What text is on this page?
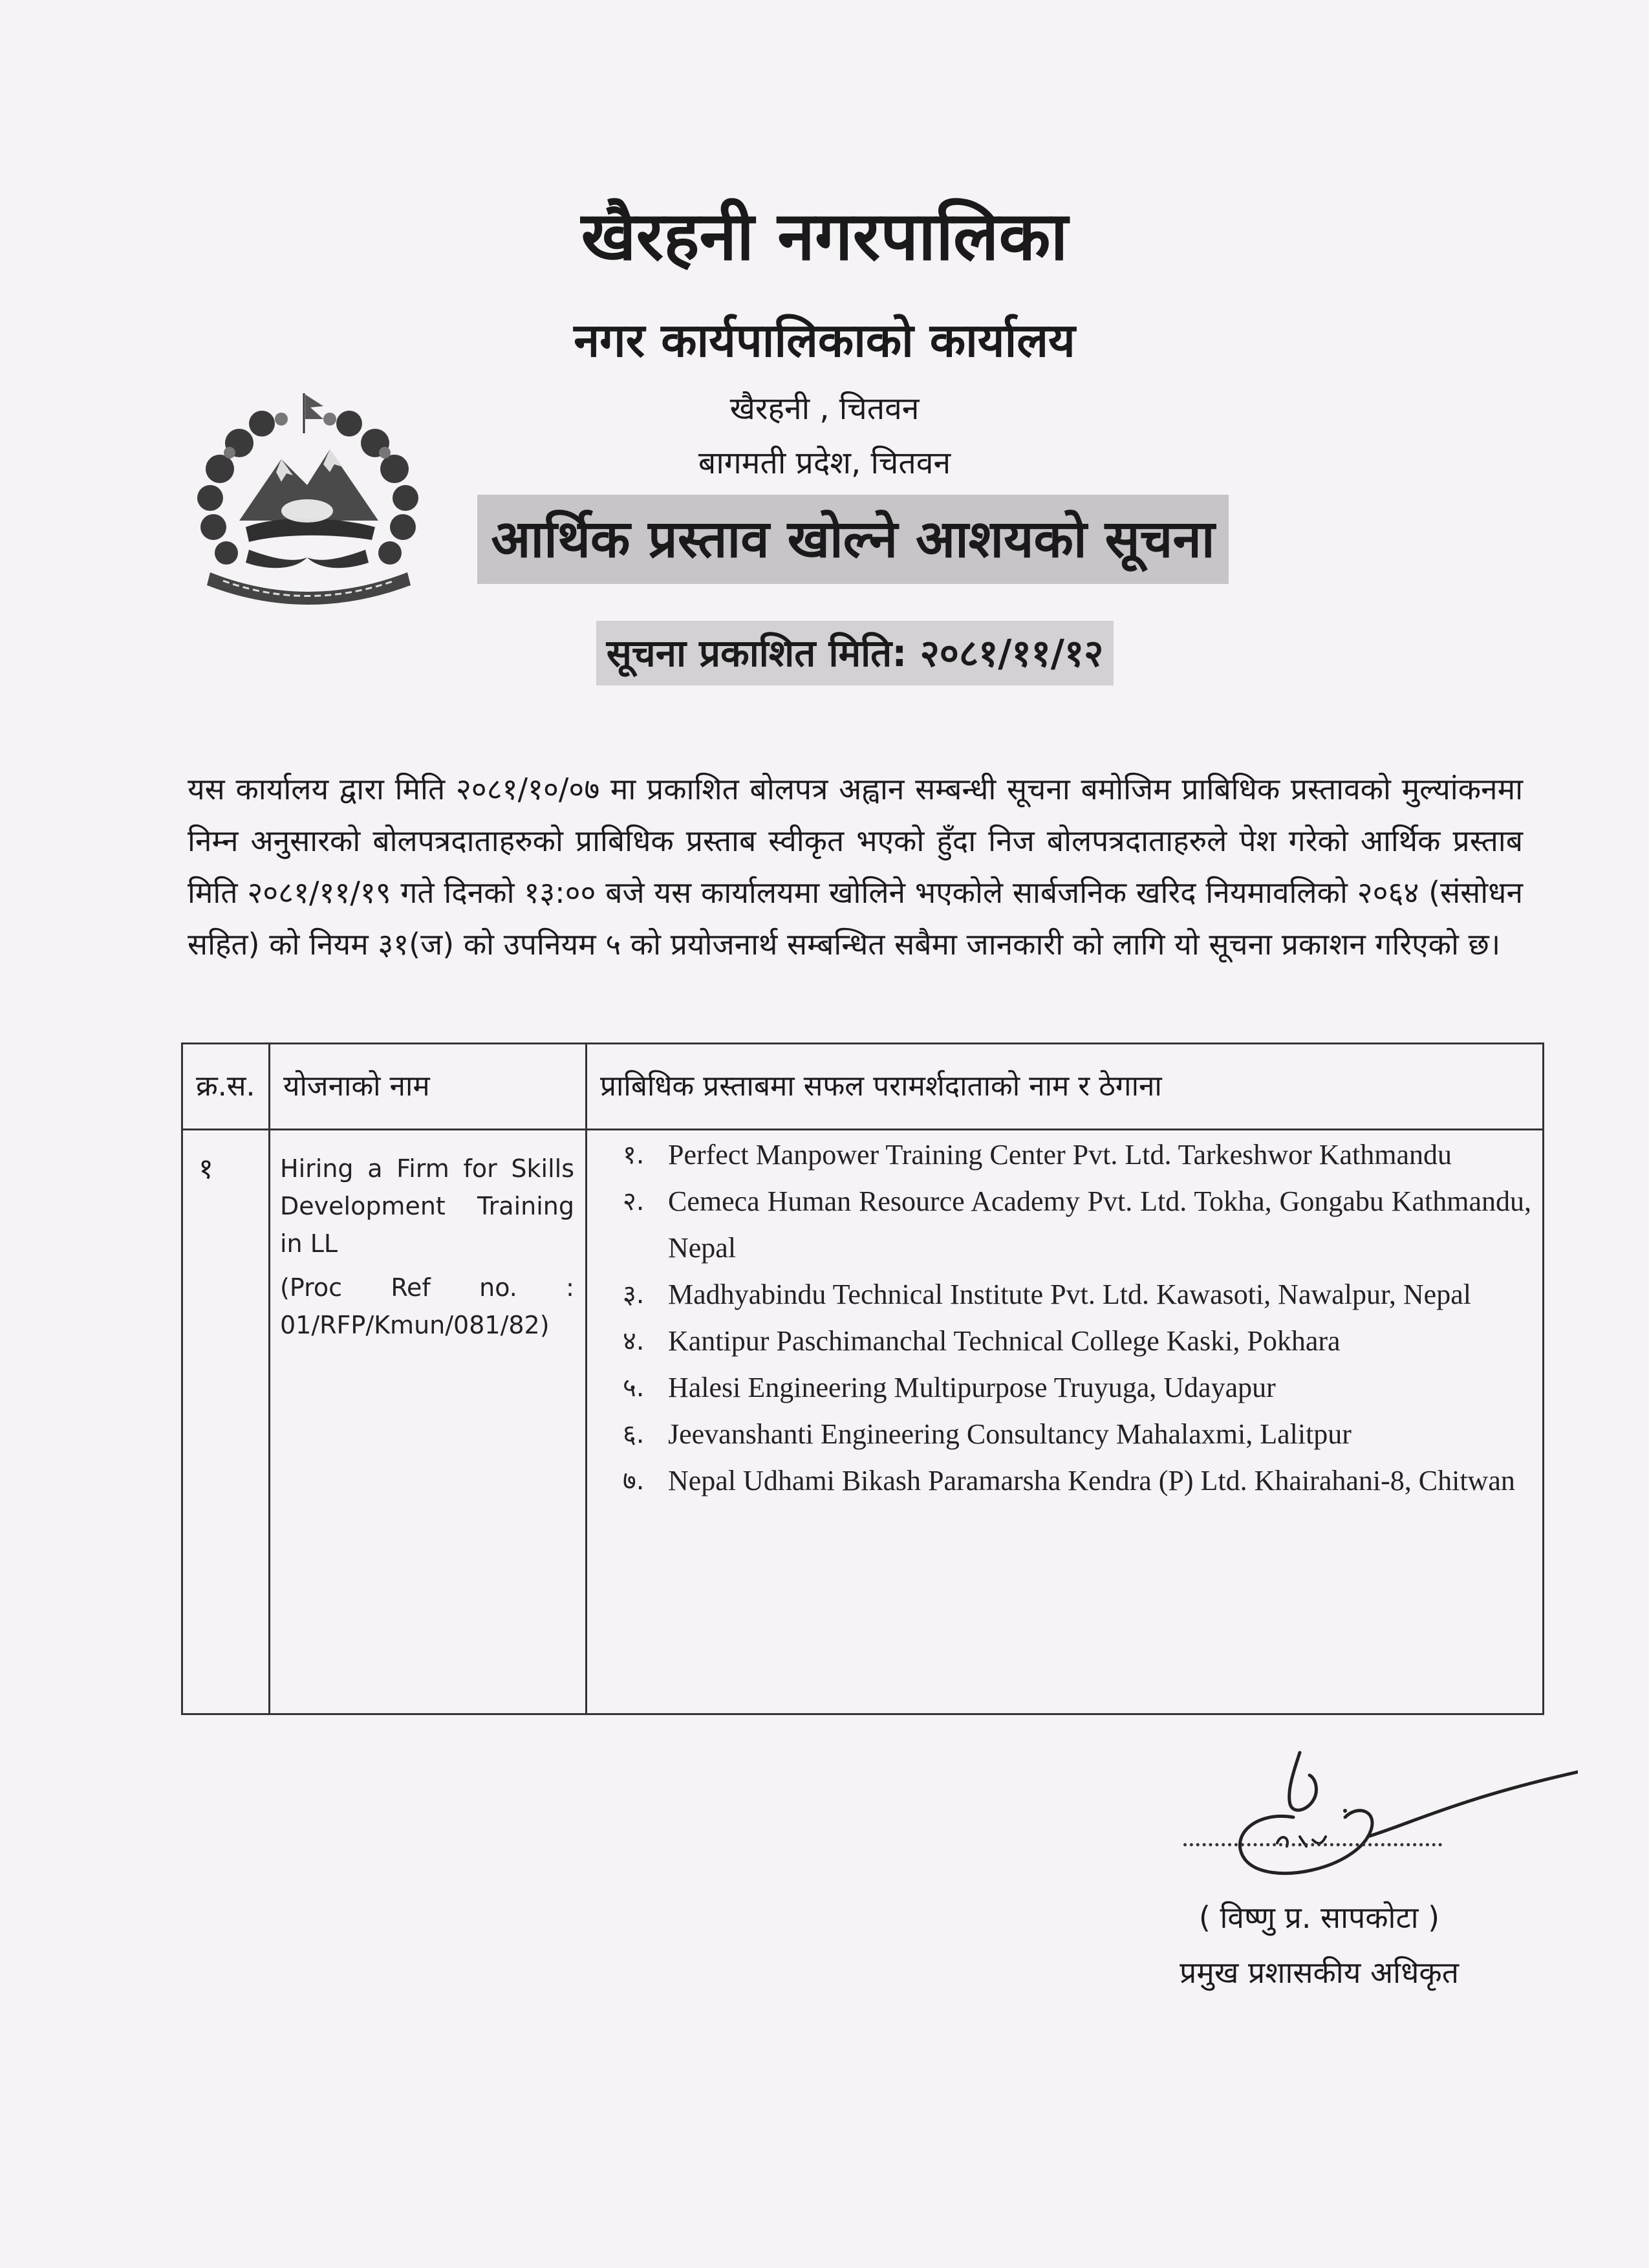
खैरहनी नगरपालिका
नगर कार्यपालिकाको कार्यालय
खैरहनी , चितवन
बागमती प्रदेश, चितवन
आर्थिक प्रस्ताव खोल्ने आशयको सूचना
सूचना प्रकाशित मिति: २०८१/११/१२
यस कार्यालय द्वारा मिति २०८१/१०/०७ मा प्रकाशित बोलपत्र अह्वान सम्बन्धी सूचना बमोजिम प्राबिधिक प्रस्तावको मुल्यांकनमा निम्न अनुसारको बोलपत्रदाताहरुको प्राबिधिक प्रस्ताब स्वीकृत भएको हुँदा निज बोलपत्रदाताहरुले पेश गरेको आर्थिक प्रस्ताब मिति २०८१/११/१९ गते दिनको १३:०० बजे यस कार्यालयमा खोलिने भएकोले सार्बजनिक खरिद नियमावलिको २०६४ (संसोधन सहित) को नियम ३१(ज) को उपनियम ५ को प्रयोजनार्थ सम्बन्धित सबैमा जानकारी को लागि यो सूचना प्रकाशन गरिएको छ।
क्र.स. योजनाको नाम	प्राबिधिक प्रस्ताबमा सफल परामर्शदाताको नाम र ठेगाना
१	Hiring a Firm for Skills Development Training in LL

(Proc Ref no. : 01/RFP/Kmun/081/82)

१. Perfect Manpower Training Center Pvt. Ltd. Tarkeshwor Kathmandu
२. Cemeca Human Resource Academy Pvt. Ltd. Tokha, Gongabu Kathmandu, Nepal
३. Madhyabindu Technical Institute Pvt. Ltd. Kawasoti, Nawalpur, Nepal
४. Kantipur Paschimanchal Technical College Kaski, Pokhara
५. Halesi Engineering Multipurpose Truyuga, Udayapur
६. Jeevanshanti Engineering Consultancy Mahalaxmi, Lalitpur
७. Nepal Udhami Bikash Paramarsha Kendra (P) Ltd. Khairahani-8, Chitwan
( विष्णु प्र. सापकोटा )
प्रमुख प्रशासकीय अधिकृत
